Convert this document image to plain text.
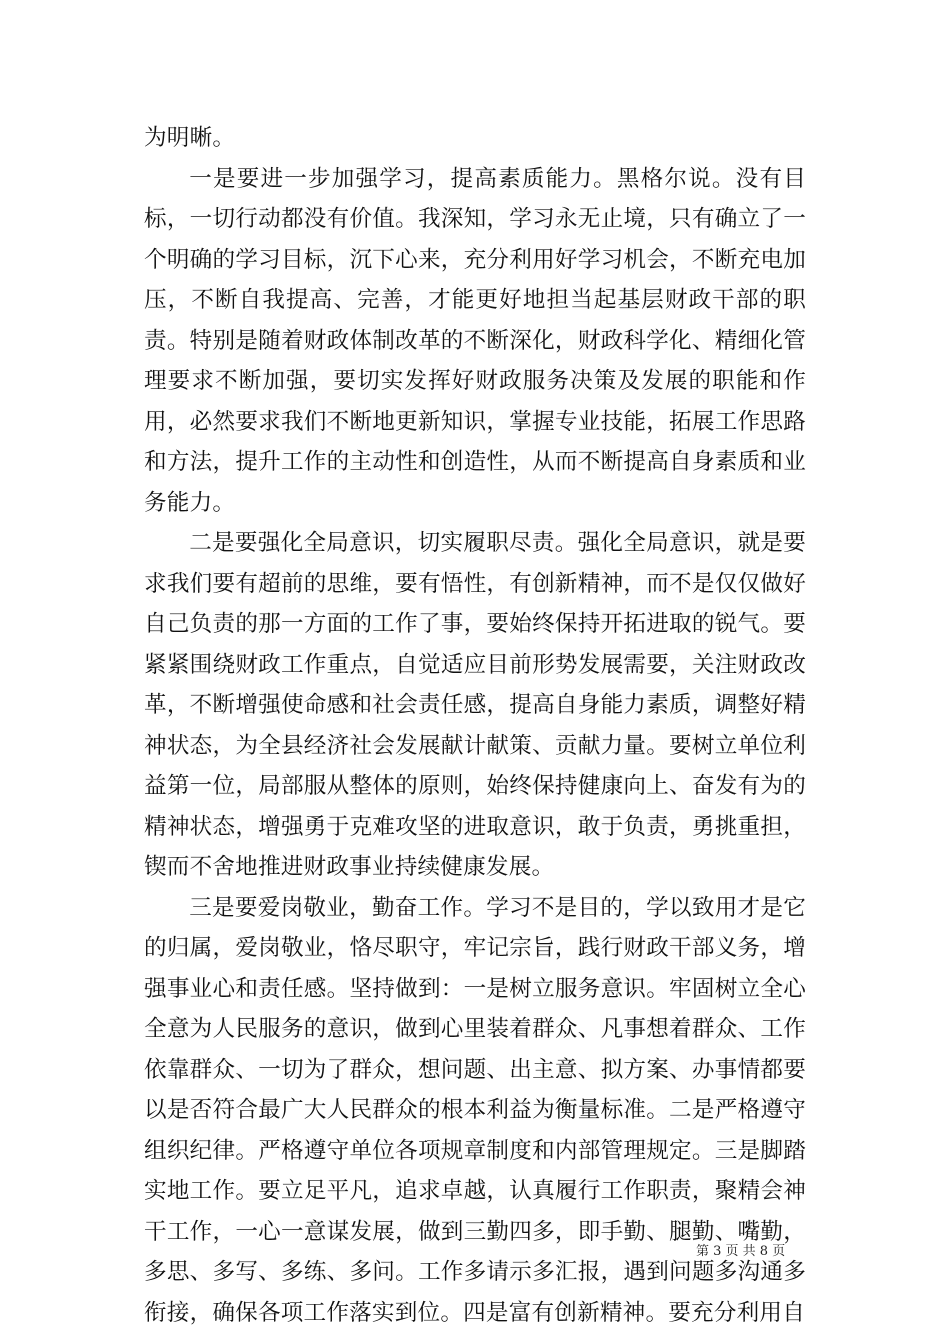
为明晰。

一是要进一步加强学习，提高素质能力。黑格尔说。没有目标，一切行动都没有价值。我深知，学习永无止境，只有确立了一个明确的学习目标，沉下心来，充分利用好学习机会，不断充电加压，不断自我提高、完善，才能更好地担当起基层财政干部的职责。特别是随着财政体制改革的不断深化，财政科学化、精细化管理要求不断加强，要切实发挥好财政服务决策及发展的职能和作用，必然要求我们不断地更新知识，掌握专业技能，拓展工作思路和方法，提升工作的主动性和创造性，从而不断提高自身素质和业务能力。

二是要强化全局意识，切实履职尽责。强化全局意识，就是要求我们要有超前的思维，要有悟性，有创新精神，而不是仅仅做好自己负责的那一方面的工作了事，要始终保持开拓进取的锐气。要紧紧围绕财政工作重点，自觉适应目前形势发展需要，关注财政改革，不断增强使命感和社会责任感，提高自身能力素质，调整好精神状态，为全县经济社会发展献计献策、贡献力量。要树立单位利益第一位，局部服从整体的原则，始终保持健康向上、奋发有为的精神状态，增强勇于克难攻坚的进取意识，敢于负责，勇挑重担，锲而不舍地推进财政事业持续健康发展。

三是要爱岗敬业，勤奋工作。学习不是目的，学以致用才是它的归属，爱岗敬业，恪尽职守，牢记宗旨，践行财政干部义务，增强事业心和责任感。坚持做到：一是树立服务意识。牢固树立全心全意为人民服务的意识，做到心里装着群众、凡事想着群众、工作依靠群众、一切为了群众，想问题、出主意、拟方案、办事情都要以是否符合最广大人民群众的根本利益为衡量标准。二是严格遵守组织纪律。严格遵守单位各项规章制度和内部管理规定。三是脚踏实地工作。要立足平凡，追求卓越，认真履行工作职责，聚精会神干工作，一心一意谋发展，做到三勤四多，即手勤、腿勤、嘴勤，多思、多写、多练、多问。工作多请示多汇报，遇到问题多沟通多衔接，确保各项工作落实到位。四是富有创新精神。要充分利用自

第 3 页 共 8 页
